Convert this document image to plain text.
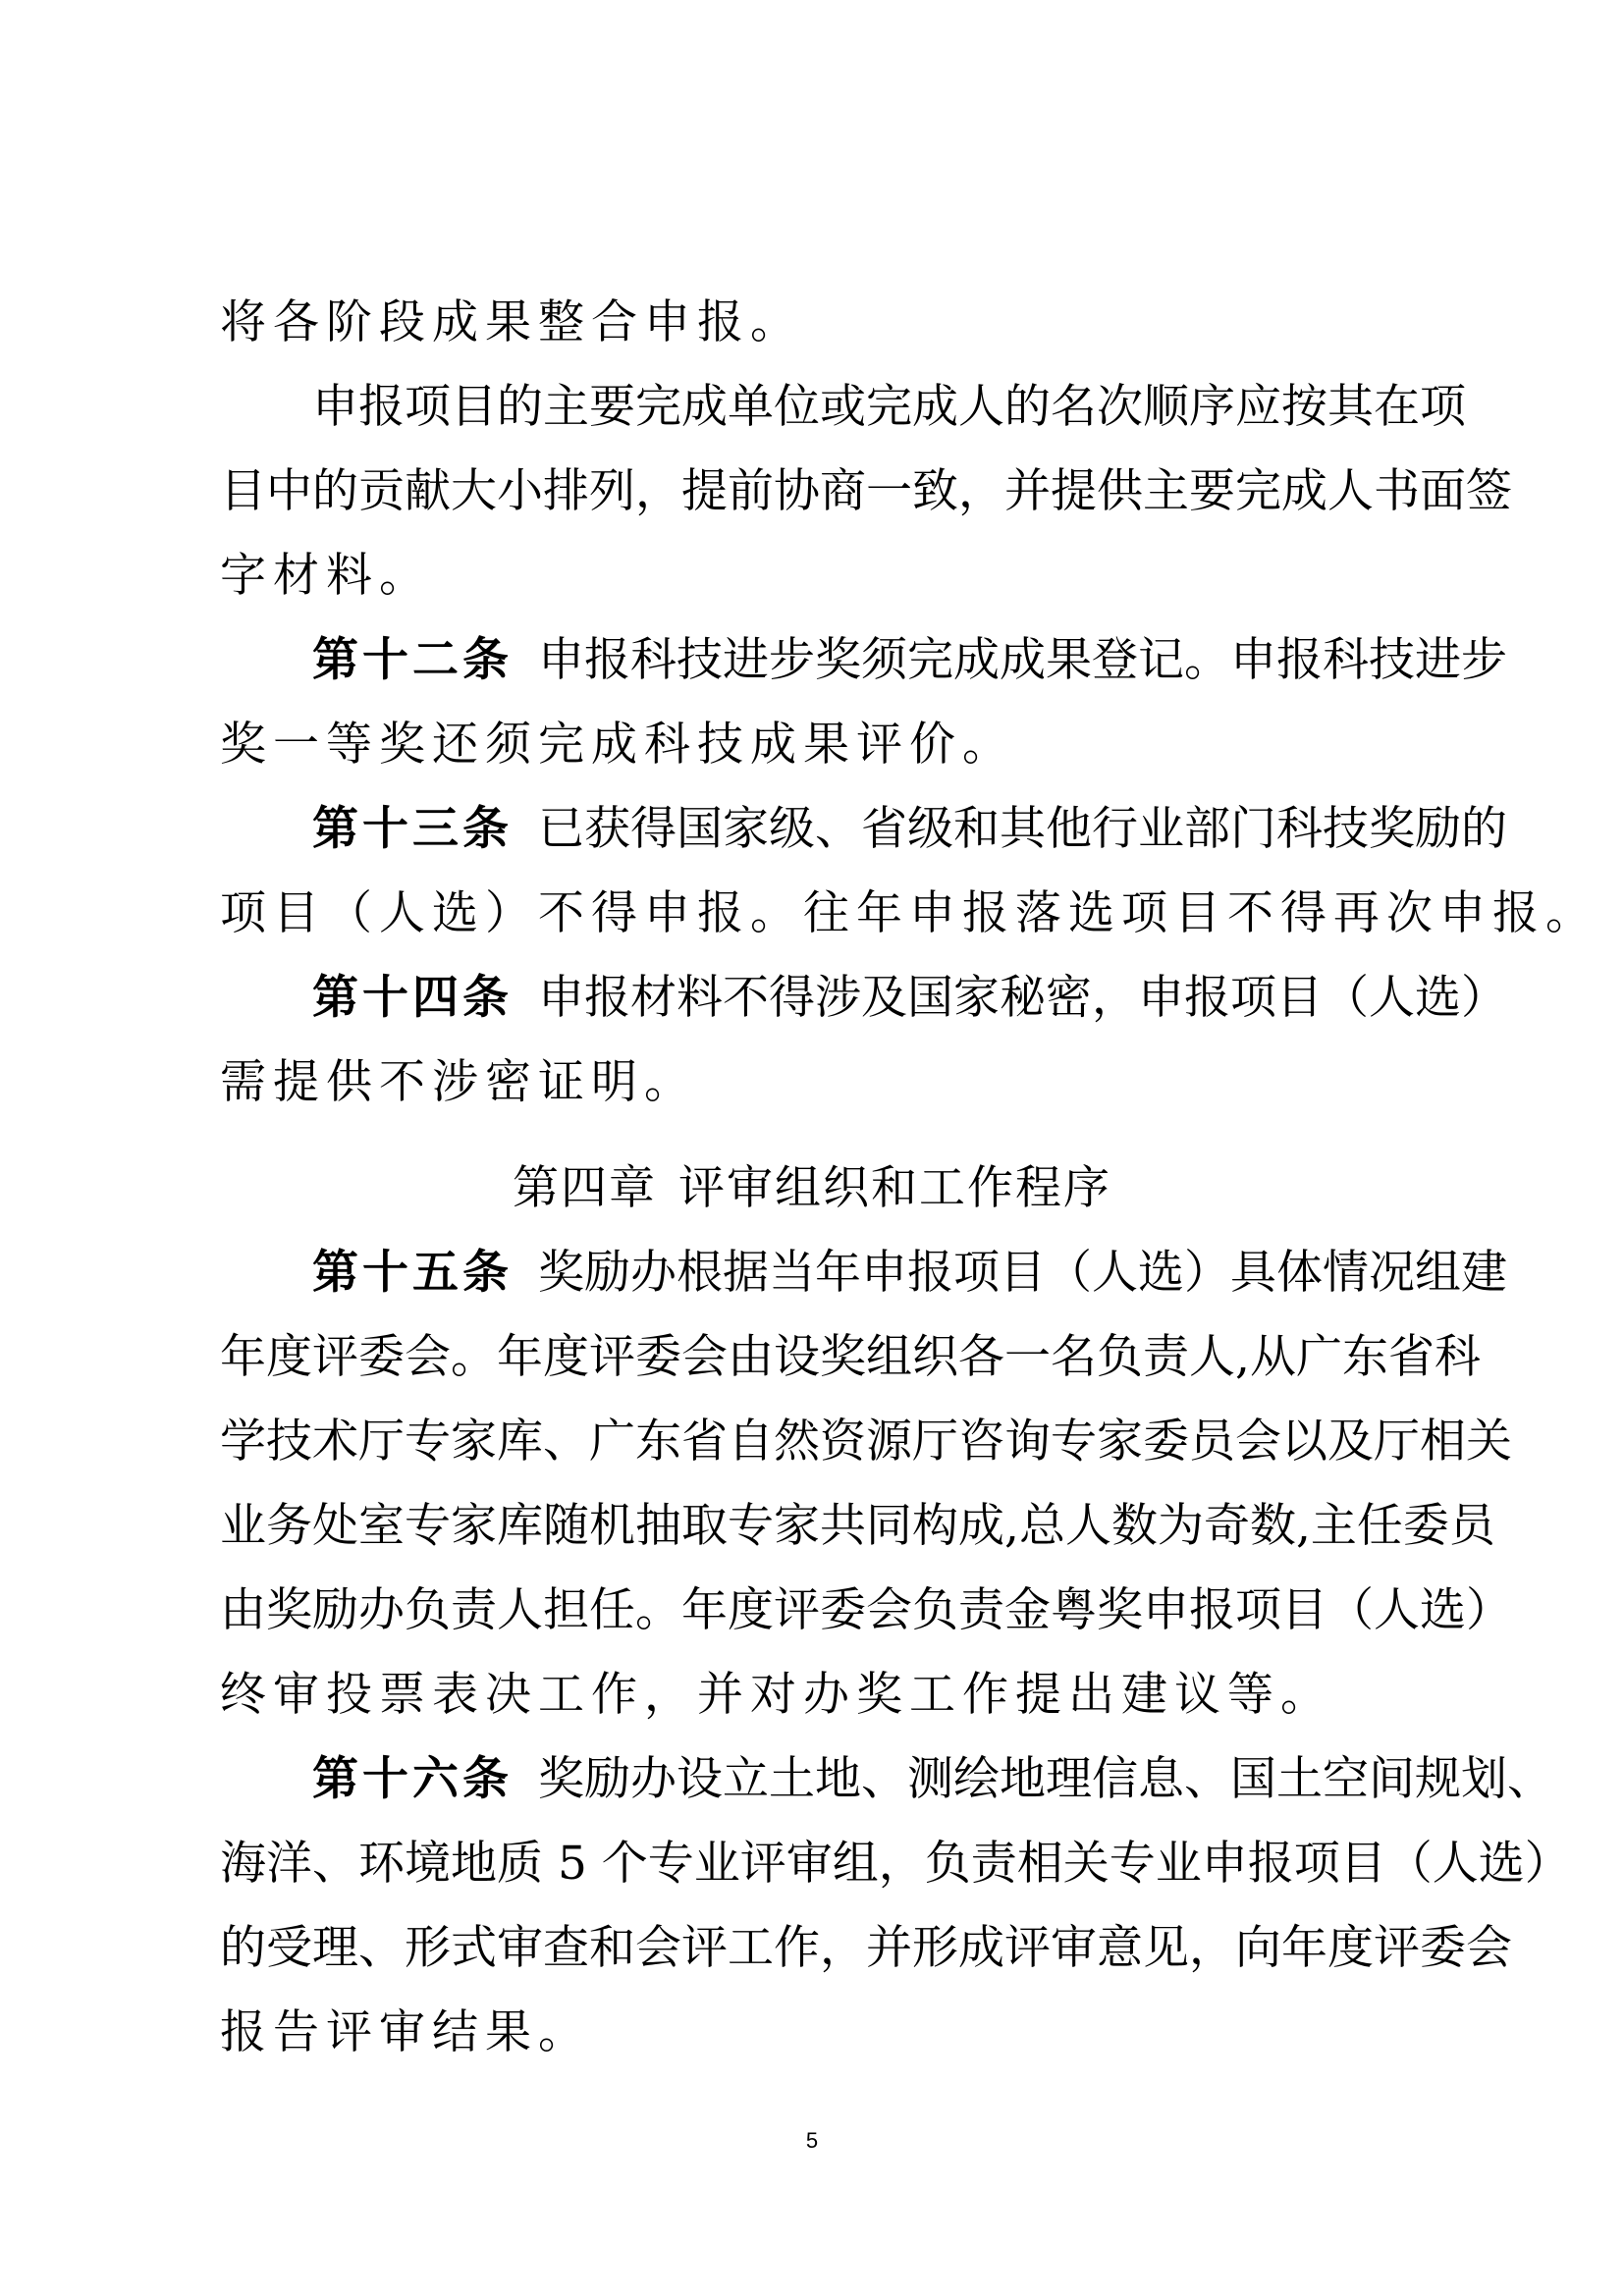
将各阶段成果整合申报。
申报项目的主要完成单位或完成人的名次顺序应按其在项
目中的贡献大小排列，提前协商一致，并提供主要完成人书面签
字材料。
第十二条 申报科技进步奖须完成成果登记。申报科技进步
奖一等奖还须完成科技成果评价。
第十三条 已获得国家级、省级和其他行业部门科技奖励的
项目（人选）不得申报。往年申报落选项目不得再次申报。
第十四条 申报材料不得涉及国家秘密，申报项目（人选）
需提供不涉密证明。
第四章 评审组织和工作程序
第十五条 奖励办根据当年申报项目（人选）具体情况组建
年度评委会。年度评委会由设奖组织各一名负责人,从广东省科
学技术厅专家库、广东省自然资源厅咨询专家委员会以及厅相关
业务处室专家库随机抽取专家共同构成,总人数为奇数,主任委员
由奖励办负责人担任。年度评委会负责金粤奖申报项目（人选）
终审投票表决工作，并对办奖工作提出建议等。
第十六条 奖励办设立土地、测绘地理信息、国土空间规划、
海洋、环境地质 5 个专业评审组，负责相关专业申报项目（人选）
的受理、形式审查和会评工作，并形成评审意见，向年度评委会
报告评审结果。
5
